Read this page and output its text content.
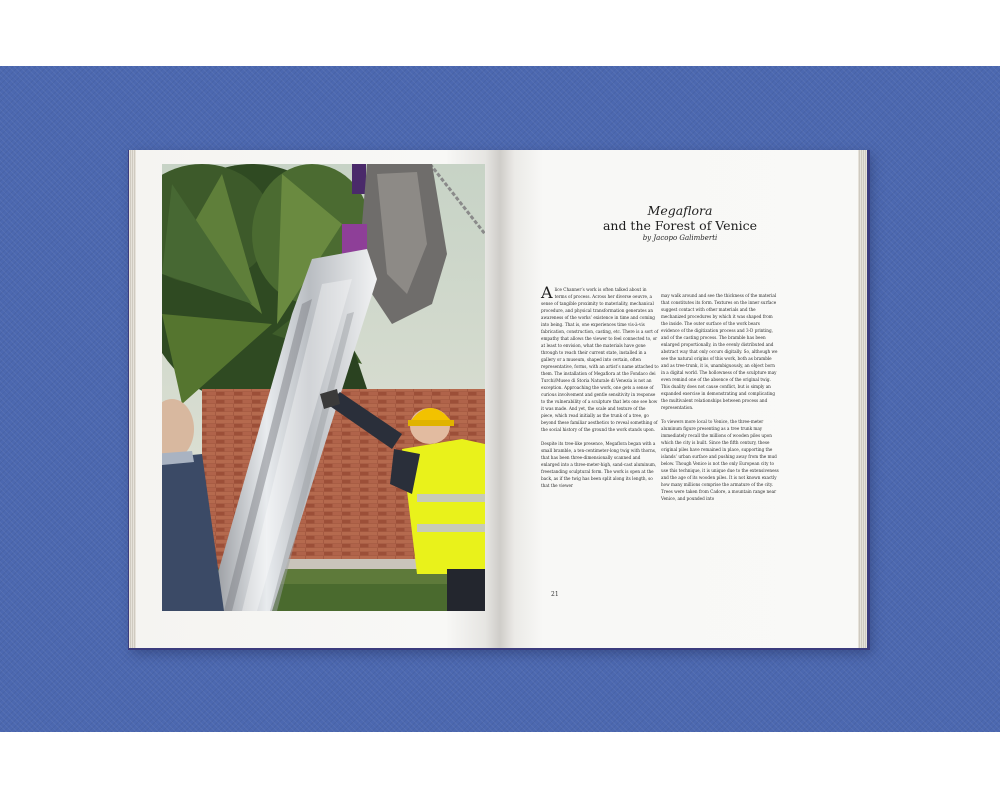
Megaflora
and the Forest of Venice
by Jacopo Galimberti

Alice Channer’s work is often talked about in terms of process. Across her diverse oeuvre, a sense of tangible proximity to materiality, mechanical procedure, and physical transformation generates an awareness of the works’ existence in time and coming into being. That is, one experiences time vis-à-vis fabrication, construction, casting, etc. There is a sort of empathy that allows the viewer to feel connected to, or at least to envision, what the materials have gone through to reach their current state, installed in a gallery or a museum, shaped into certain, often representative, forms, with an artist’s name attached to them. The installation of Megaflora at the Fondaco dei Turchi/Museo di Storia Naturale di Venezia is not an exception. Approaching the work, one gets a sense of curious involvement and gentle sensitivity in response to the vulnerability of a sculpture that lets one see how it was made. And yet, the scale and texture of the piece, which read initially as the trunk of a tree, go beyond these familiar aesthetics to reveal something of the social history of the ground the work stands upon.

Despite its tree-like presence, Megaflora began with a small bramble, a ten-centimeter-long twig with thorns, that has been three-dimensionally scanned and enlarged into a three-meter-high, sand-cast aluminum, freestanding sculptural form. The work is open at the back, as if the twig has been split along its length, so that the viewer

may walk around and see the thickness of the material that constitutes its form. Textures on the inner surface suggest contact with other materials and the mechanized procedures by which it was shaped from the inside. The outer surface of the work bears evidence of the digitization process and 3-D printing, and of the casting process. The bramble has been enlarged proportionally, in the evenly distributed and abstract way that only occurs digitally. So, although we see the natural origins of this work, both as bramble and as tree-trunk, it is, unambiguously, an object born in a digital world. The hollowness of the sculpture may even remind one of the absence of the original twig. This duality does not cause conflict, but is simply an expanded exercise in demonstrating and complicating the multivalent relationships between process and representation.

To viewers more local to Venice, the three-meter aluminum figure presenting as a tree trunk may immediately recall the millions of wooden piles upon which the city is built. Since the fifth century, these original piles have remained in place, supporting the islands’ urban surface and pushing away from the mud below. Though Venice is not the only European city to use this technique, it is unique due to the extensiveness and the age of its wooden piles. It is not known exactly how many millions comprise the armature of the city. Trees were taken from Cadore, a mountain range near Venice, and pounded into

21
